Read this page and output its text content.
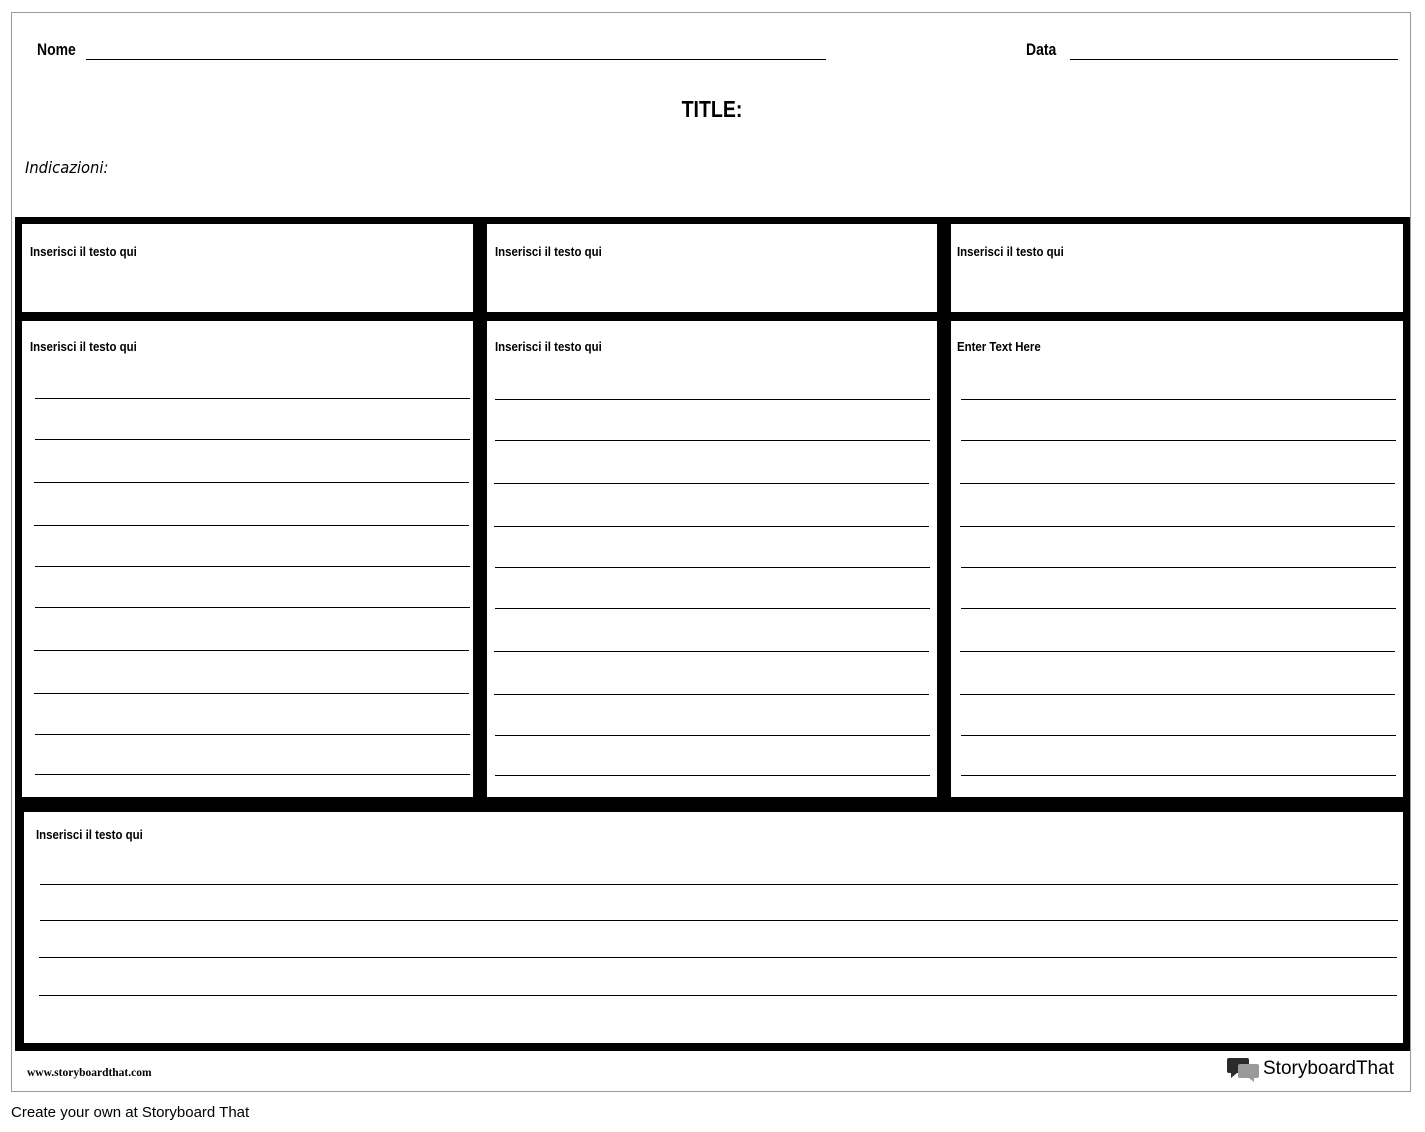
Nome	Data
TITLE:
Indicazioni:
Inserisci il testo qui	Inserisci il testo qui	Inserisci il testo qui
Inserisci il testo qui	Inserisci il testo qui	Enter Text Here
Inserisci il testo qui
www.storyboardthat.com	Storyboard That
Create your own at Storyboard That
